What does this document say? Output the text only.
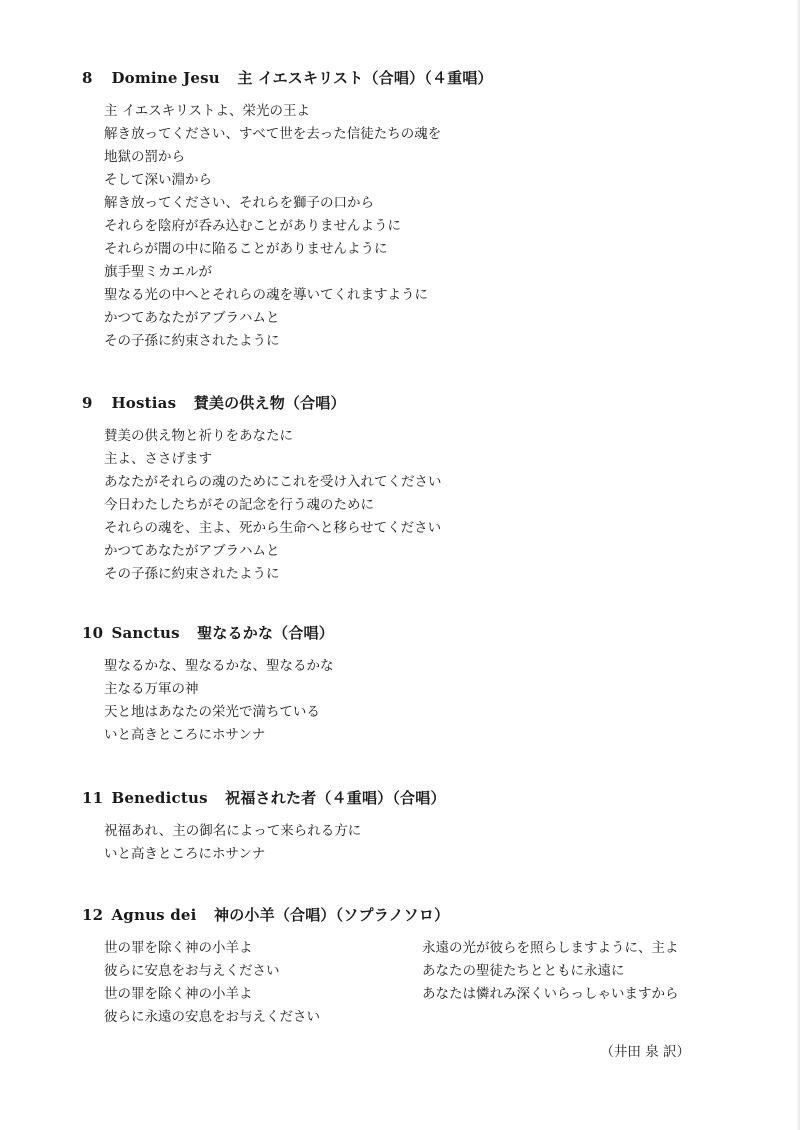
8 Domine Jesu 主 イエスキリスト（合唱）（４重唱）
主 イエスキリストよ、栄光の王よ
解き放ってください、すべて世を去った信徒たちの魂を
地獄の罰から
そして深い淵から
解き放ってください、それらを獅子の口から
それらを陰府が呑み込むことがありませんように
それらが闇の中に陥ることがありませんように
旗手聖ミカエルが
聖なる光の中へとそれらの魂を導いてくれますように
かつてあなたがアブラハムと
その子孫に約束されたように
9 Hostias 賛美の供え物（合唱）
賛美の供え物と祈りをあなたに
主よ、ささげます
あなたがそれらの魂のためにこれを受け入れてください
今日わたしたちがその記念を行う魂のために
それらの魂を、主よ、死から生命へと移らせてください
かつてあなたがアブラハムと
その子孫に約束されたように
10 Sanctus 聖なるかな（合唱）
聖なるかな、聖なるかな、聖なるかな
主なる万軍の神
天と地はあなたの栄光で満ちている
いと高きところにホサンナ
11 Benedictus 祝福された者（４重唱）（合唱）
祝福あれ、主の御名によって来られる方に
いと高きところにホサンナ
12 Agnus dei 神の小羊（合唱）（ソプラノソロ）
世の罪を除く神の小羊よ
彼らに安息をお与えください
世の罪を除く神の小羊よ
彼らに永遠の安息をお与えください
永遠の光が彼らを照らしますように、主よ
あなたの聖徒たちとともに永遠に
あなたは憐れみ深くいらっしゃいますから
（井田 泉 訳）
